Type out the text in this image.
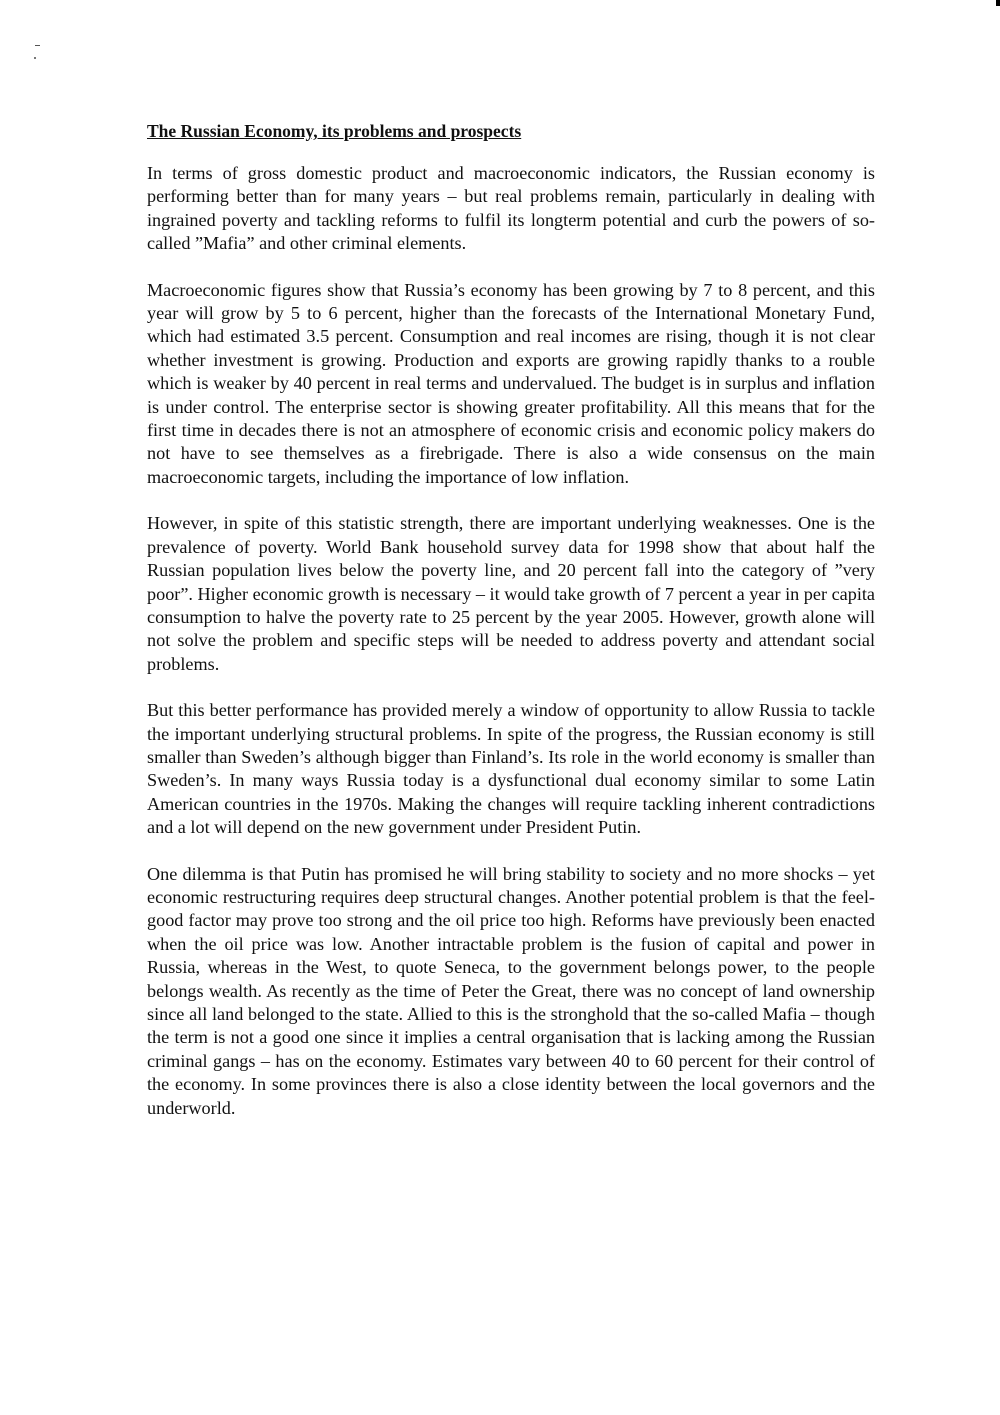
The Russian Economy, its problems and prospects

In terms of gross domestic product and macroeconomic indicators, the Russian economy is performing better than for many years – but real problems remain, particularly in dealing with ingrained poverty and tackling reforms to fulfil its longterm potential and curb the powers of so-called ”Mafia” and other criminal elements.

Macroeconomic figures show that Russia’s economy has been growing by 7 to 8 percent, and this year will grow by 5 to 6 percent, higher than the forecasts of the International Monetary Fund, which had estimated 3.5 percent. Consumption and real incomes are rising, though it is not clear whether investment is growing. Production and exports are growing rapidly thanks to a rouble which is weaker by 40 percent in real terms and undervalued. The budget is in surplus and inflation is under control. The enterprise sector is showing greater profitability. All this means that for the first time in decades there is not an atmosphere of economic crisis and economic policy makers do not have to see themselves as a firebrigade. There is also a wide consensus on the main macroeconomic targets, including the importance of low inflation.

However, in spite of this statistic strength, there are important underlying weaknesses. One is the prevalence of poverty. World Bank household survey data for 1998 show that about half the Russian population lives below the poverty line, and 20 percent fall into the category of ”very poor”. Higher economic growth is necessary – it would take growth of 7 percent a year in per capita consumption to halve the poverty rate to 25 percent by the year 2005. However, growth alone will not solve the problem and specific steps will be needed to address poverty and attendant social problems.

But this better performance has provided merely a window of opportunity to allow Russia to tackle the important underlying structural problems. In spite of the progress, the Russian economy is still smaller than Sweden’s although bigger than Finland’s. Its role in the world economy is smaller than Sweden’s. In many ways Russia today is a dysfunctional dual economy similar to some Latin American countries in the 1970s. Making the changes will require tackling inherent contradictions and a lot will depend on the new government under President Putin.

One dilemma is that Putin has promised he will bring stability to society and no more shocks – yet economic restructuring requires deep structural changes. Another potential problem is that the feel-good factor may prove too strong and the oil price too high. Reforms have previously been enacted when the oil price was low. Another intractable problem is the fusion of capital and power in Russia, whereas in the West, to quote Seneca, to the government belongs power, to the people belongs wealth. As recently as the time of Peter the Great, there was no concept of land ownership since all land belonged to the state. Allied to this is the stronghold that the so-called Mafia – though the term is not a good one since it implies a central organisation that is lacking among the Russian criminal gangs – has on the economy. Estimates vary between 40 to 60 percent for their control of the economy. In some provinces there is also a close identity between the local governors and the underworld.
